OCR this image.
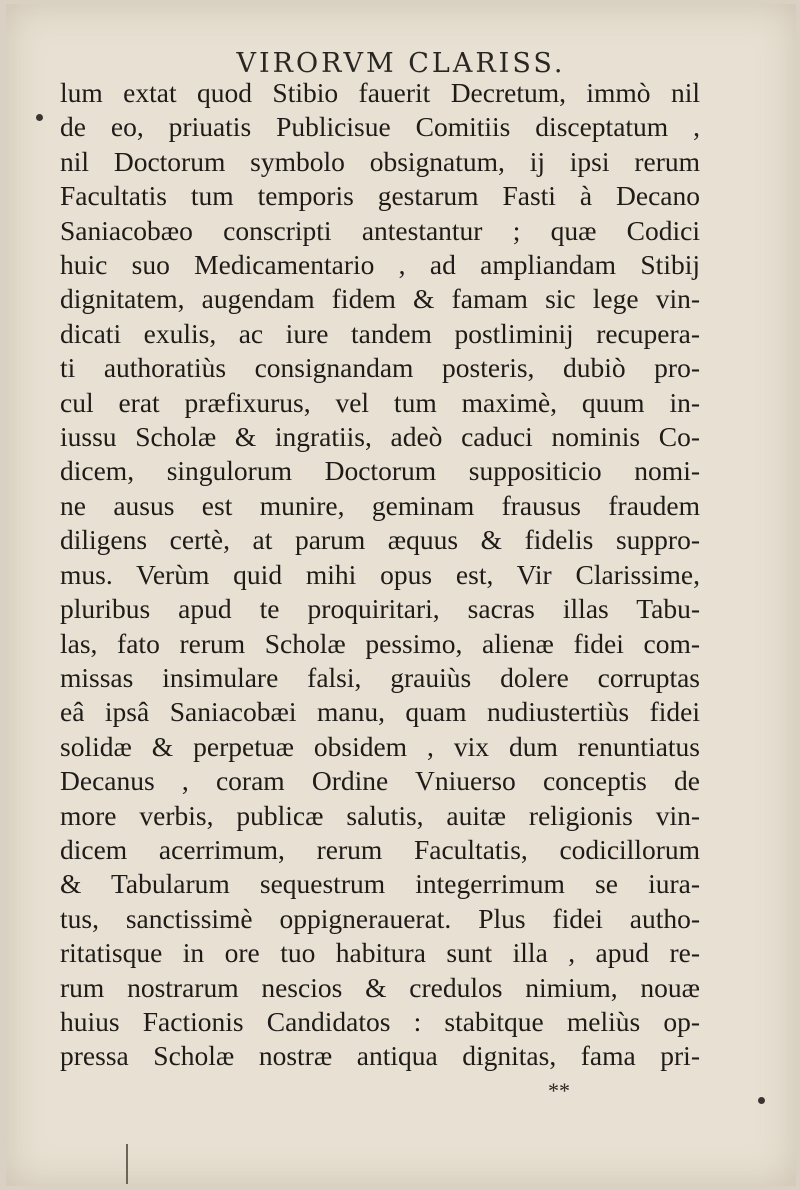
VIRORVM CLARISS.
lum extat quod Stibio fauerit Decretum, immò nil
de eo, priuatis Publicisue Comitiis disceptatum ,
nil Doctorum symbolo obsignatum, ij ipsi rerum
Facultatis tum temporis gestarum Fasti à Decano
Saniacobæo conscripti antestantur ; quæ Codici
huic suo Medicamentario , ad ampliandam Stibij
dignitatem, augendam fidem & famam sic lege vin-
dicati exulis, ac iure tandem postliminij recupera-
ti authoratiùs consignandam posteris, dubiò pro-
cul erat præfixurus, vel tum maximè, quum in-
iussu Scholæ & ingratiis, adeò caduci nominis Co-
dicem, singulorum Doctorum suppositicio nomi-
ne ausus est munire, geminam frausus fraudem
diligens certè, at parum æquus & fidelis suppro-
mus. Verùm quid mihi opus est, Vir Clarissime,
pluribus apud te proquiritari, sacras illas Tabu-
las, fato rerum Scholæ pessimo, alienæ fidei com-
missas insimulare falsi, grauiùs dolere corruptas
eâ ipsâ Saniacobæi manu, quam nudiustertiùs fidei
solidæ & perpetuæ obsidem , vix dum renuntiatus
Decanus , coram Ordine Vniuerso conceptis de
more verbis, publicæ salutis, auitæ religionis vin-
dicem acerrimum, rerum Facultatis, codicillorum
& Tabularum sequestrum integerrimum se iura-
tus, sanctissimè oppignerauerat. Plus fidei autho-
ritatisque in ore tuo habitura sunt illa , apud re-
rum nostrarum nescios & credulos nimium, nouæ
huius Factionis Candidatos : stabitque meliùs op-
pressa Scholæ nostræ antiqua dignitas, fama pri-
**
